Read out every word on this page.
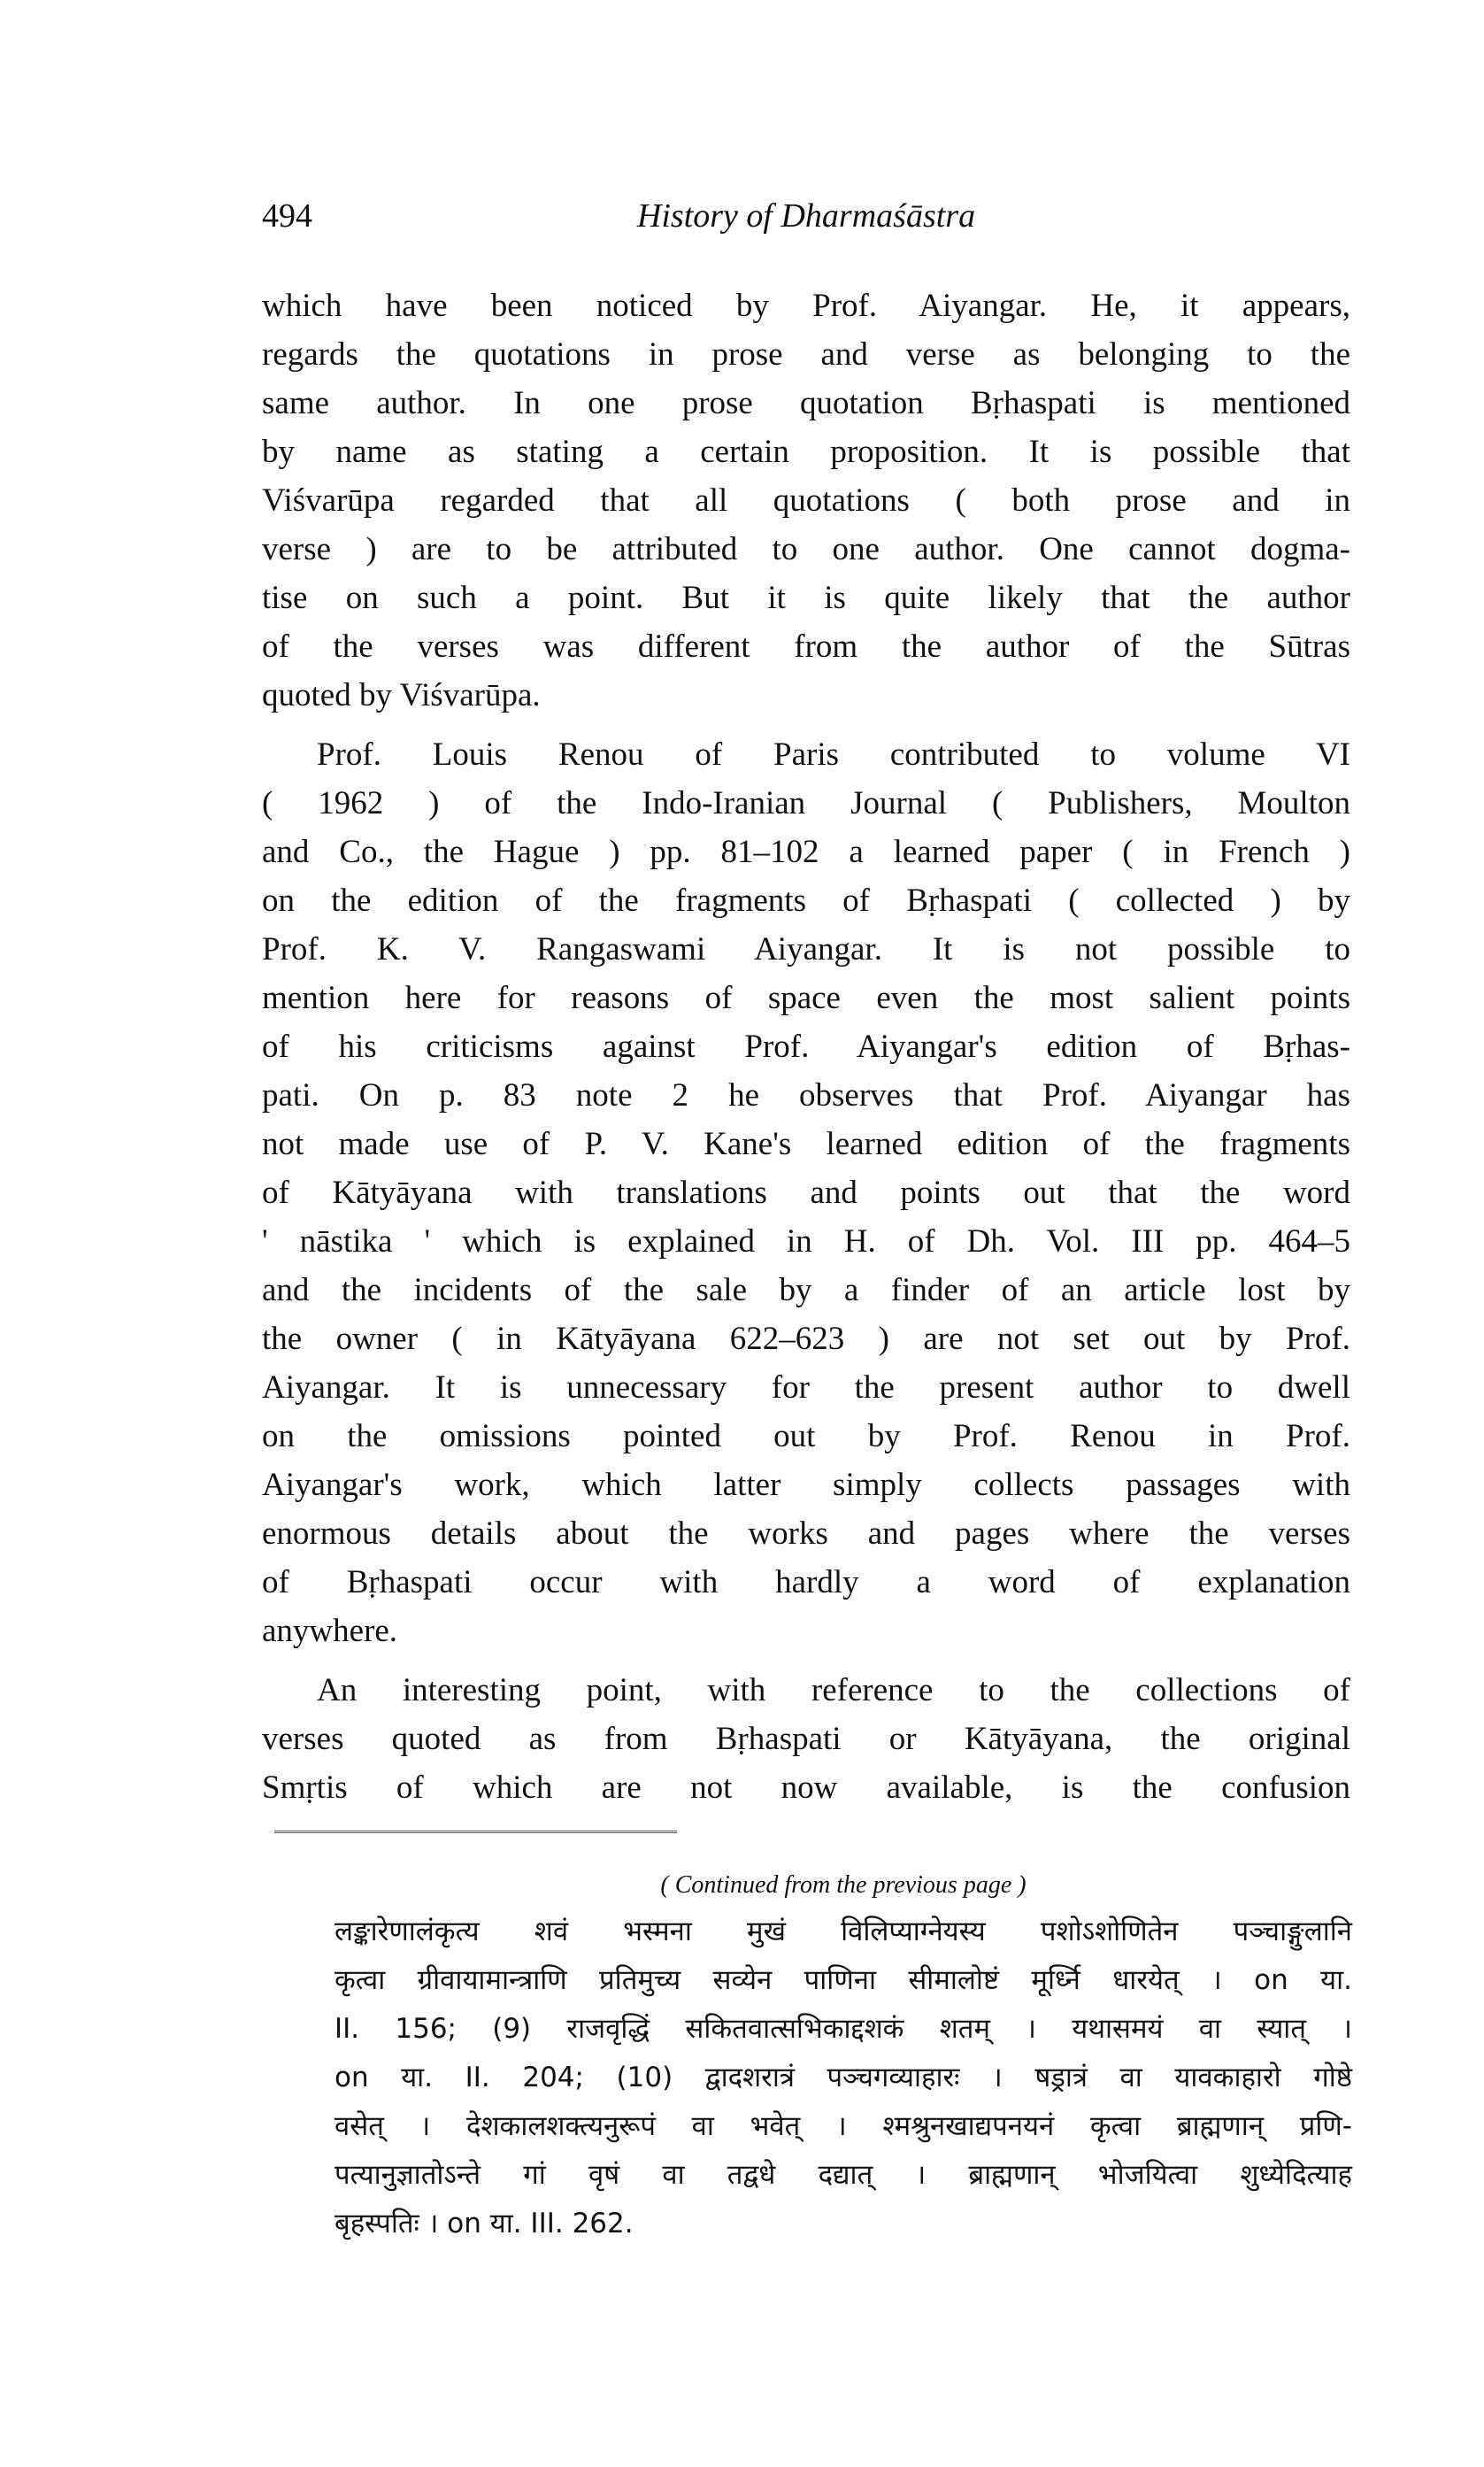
494	History of Dharmaśāstra
which have been noticed by Prof. Aiyangar. He, it appears,
regards the quotations in prose and verse as belonging to the
same author. In one prose quotation Bṛhaspati is mentioned
by name as stating a certain proposition. It is possible that
Viśvarūpa regarded that all quotations ( both prose and in
verse ) are to be attributed to one author. One cannot dogma-
tise on such a point. But it is quite likely that the author
of the verses was different from the author of the Sūtras
quoted by Viśvarūpa.
Prof. Louis Renou of Paris contributed to volume VI
( 1962 ) of the Indo-Iranian Journal ( Publishers, Moulton
and Co., the Hague ) pp. 81–102 a learned paper ( in French )
on the edition of the fragments of Bṛhaspati ( collected ) by
Prof. K. V. Rangaswami Aiyangar. It is not possible to
mention here for reasons of space even the most salient points
of his criticisms against Prof. Aiyangar's edition of Bṛhas-
pati. On p. 83 note 2 he observes that Prof. Aiyangar has
not made use of P. V. Kane's learned edition of the fragments
of Kātyāyana with translations and points out that the word
' nāstika ' which is explained in H. of Dh. Vol. III pp. 464–5
and the incidents of the sale by a finder of an article lost by
the owner ( in Kātyāyana 622–623 ) are not set out by Prof.
Aiyangar. It is unnecessary for the present author to dwell
on the omissions pointed out by Prof. Renou in Prof.
Aiyangar's work, which latter simply collects passages with
enormous details about the works and pages where the verses
of Bṛhaspati occur with hardly a word of explanation
anywhere.
An interesting point, with reference to the collections of
verses quoted as from Bṛhaspati or Kātyāyana, the original
Smṛtis of which are not now available, is the confusion
( Continued from the previous page )
लङ्कारेणालंकृत्य शवं भस्मना मुखं विलिप्याग्नेयस्य पशोऽशोणितेन पञ्चाङ्गुलानि
कृत्वा ग्रीवायामान्त्राणि प्रतिमुच्य सव्येन पाणिना सीमालोष्टं मूर्ध्नि धारयेत् । on या.
II. 156; (9) राजवृद्धिं सकितवात्सभिकाद्दशकं शतम् । यथासमयं वा स्यात् ।
on या. II. 204; (10) द्वादशरात्रं पञ्चगव्याहारः । षड्रात्रं वा यावकाहारो गोष्ठे
वसेत् । देशकालशक्त्यनुरूपं वा भवेत् । श्मश्रुनखाद्यपनयनं कृत्वा ब्राह्मणान् प्रणि-
पत्यानुज्ञातोऽन्ते गां वृषं वा तद्वधे दद्यात् । ब्राह्मणान् भोजयित्वा शुध्येदित्याह
बृहस्पतिः । on या. III. 262.
